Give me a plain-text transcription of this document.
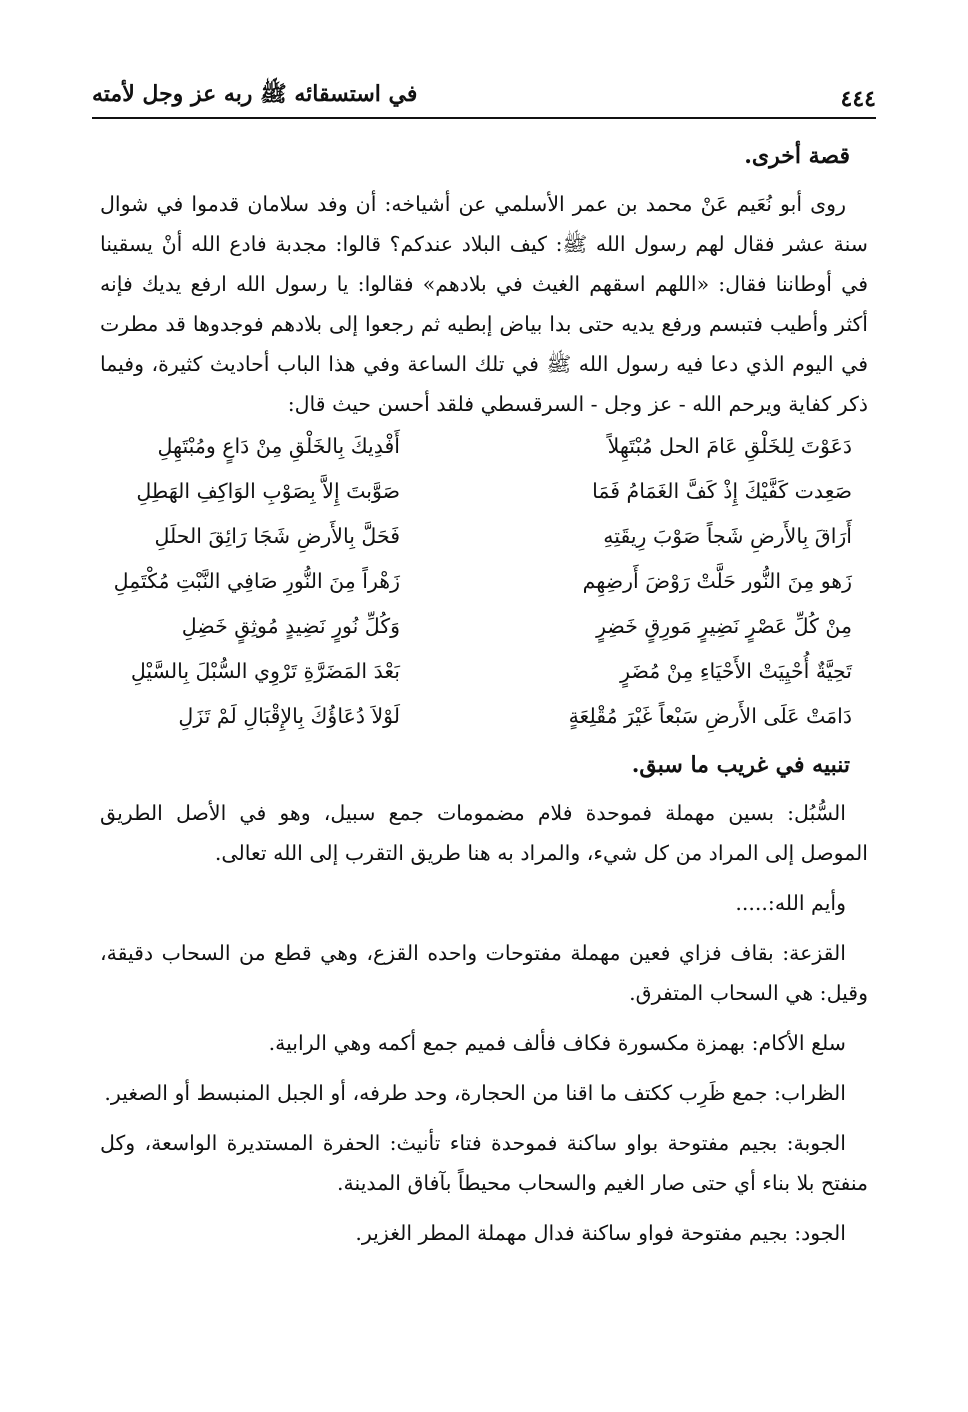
٤٤٤
في استسقائه ﷺ ربه عز وجل لأمته
قصة أخرى.

روى أبو نُعَيم عَنْ محمد بن عمر الأسلمي عن أشياخه: أن وفد سلامان قدموا في شوال سنة عشر فقال لهم رسول الله ﷺ: كيف البلاد عندكم؟ قالوا: مجدبة فادع الله أنْ يسقينا في أوطاننا فقال: «اللهم اسقهم الغيث في بلادهم» فقالوا: يا رسول الله ارفع يديك فإنه أكثر وأطيب فتبسم ورفع يديه حتى بدا بياض إبطيه ثم رجعوا إلى بلادهم فوجدوها قد مطرت في اليوم الذي دعا فيه رسول الله ﷺ في تلك الساعة وفي هذا الباب أحاديث كثيرة، وفيما ذكر كفاية ويرحم الله - عز وجل - السرقسطي فلقد أحسن حيث قال:

دَعَوْتَ لِلخَلْقِ عَامَ الحل مُبْتَهِلاً
أَفْدِيكَ بِالخَلْقِ مِنْ دَاعٍ ومُبْتَهِلِ
صَعِدت كَفَّيْكَ إِذْ كَفَّ الغَمَامُ فَمَا
صَوَّبتَ إِلاَّ بِصَوْبِ الوَاكِفِ الهَطِلِ
أَرَاقَ بِالأَرضِ شَجاً صَوْبَ رِيقَتِهِ
فَحَلَّ بِالأَرضِ شَجَا رَائِقَ الحلَلِ
زَهو مِنَ النُّور حَلَّتْ رَوْضَ أَرضِهِم
زَهْراً مِنَ النُّورِ صَافِي النَّبْتِ مُكْتَمِلِ
مِنْ كُلِّ عَصْرٍ نَضِيرٍ مَورِقٍ خَضِرٍ
وَكُلِّ نُورٍ نَضِيدٍ مُوثِقٍ خَضِلِ
تَحِيَّةٌ أُحْيِيَتْ الأَحْيَاءِ مِنْ مُضَرٍ
بَعْدَ المَضَرَّةِ تَرْوِي السُّبْلَ بِالسَّيْلِ
دَامَتْ عَلَى الأَرضِ سَبْعاً غَيْرَ مُقْلِعَةٍ
لَوْلاَ دُعَاؤُكَ بِالإِقْبَالِ لَمْ تَزَلِ
تنبيه في غريب ما سبق.

السُّبُل: بسين مهملة فموحدة فلام مضمومات جمع سبيل، وهو في الأصل الطريق الموصل إلى المراد من كل شيء، والمراد به هنا طريق التقرب إلى الله تعالى.

وأيم الله:.....

القزعة: بقاف فزاي فعين مهملة مفتوحات واحده القزع، وهي قطع من السحاب دقيقة، وقيل: هي السحاب المتفرق.

سلع الأكام: بهمزة مكسورة فكاف فألف فميم جمع أكمه وهي الرابية.

الظراب: جمع ظَرِب ككتف ما اقنا من الحجارة، وحد طرفه، أو الجبل المنبسط أو الصغير.

الجوبة: بجيم مفتوحة بواو ساكنة فموحدة فتاء تأنيث: الحفرة المستديرة الواسعة، وكل منفتح بلا بناء أي حتى صار الغيم والسحاب محيطاً بآفاق المدينة.

الجود: بجيم مفتوحة فواو ساكنة فدال مهملة المطر الغزير.
